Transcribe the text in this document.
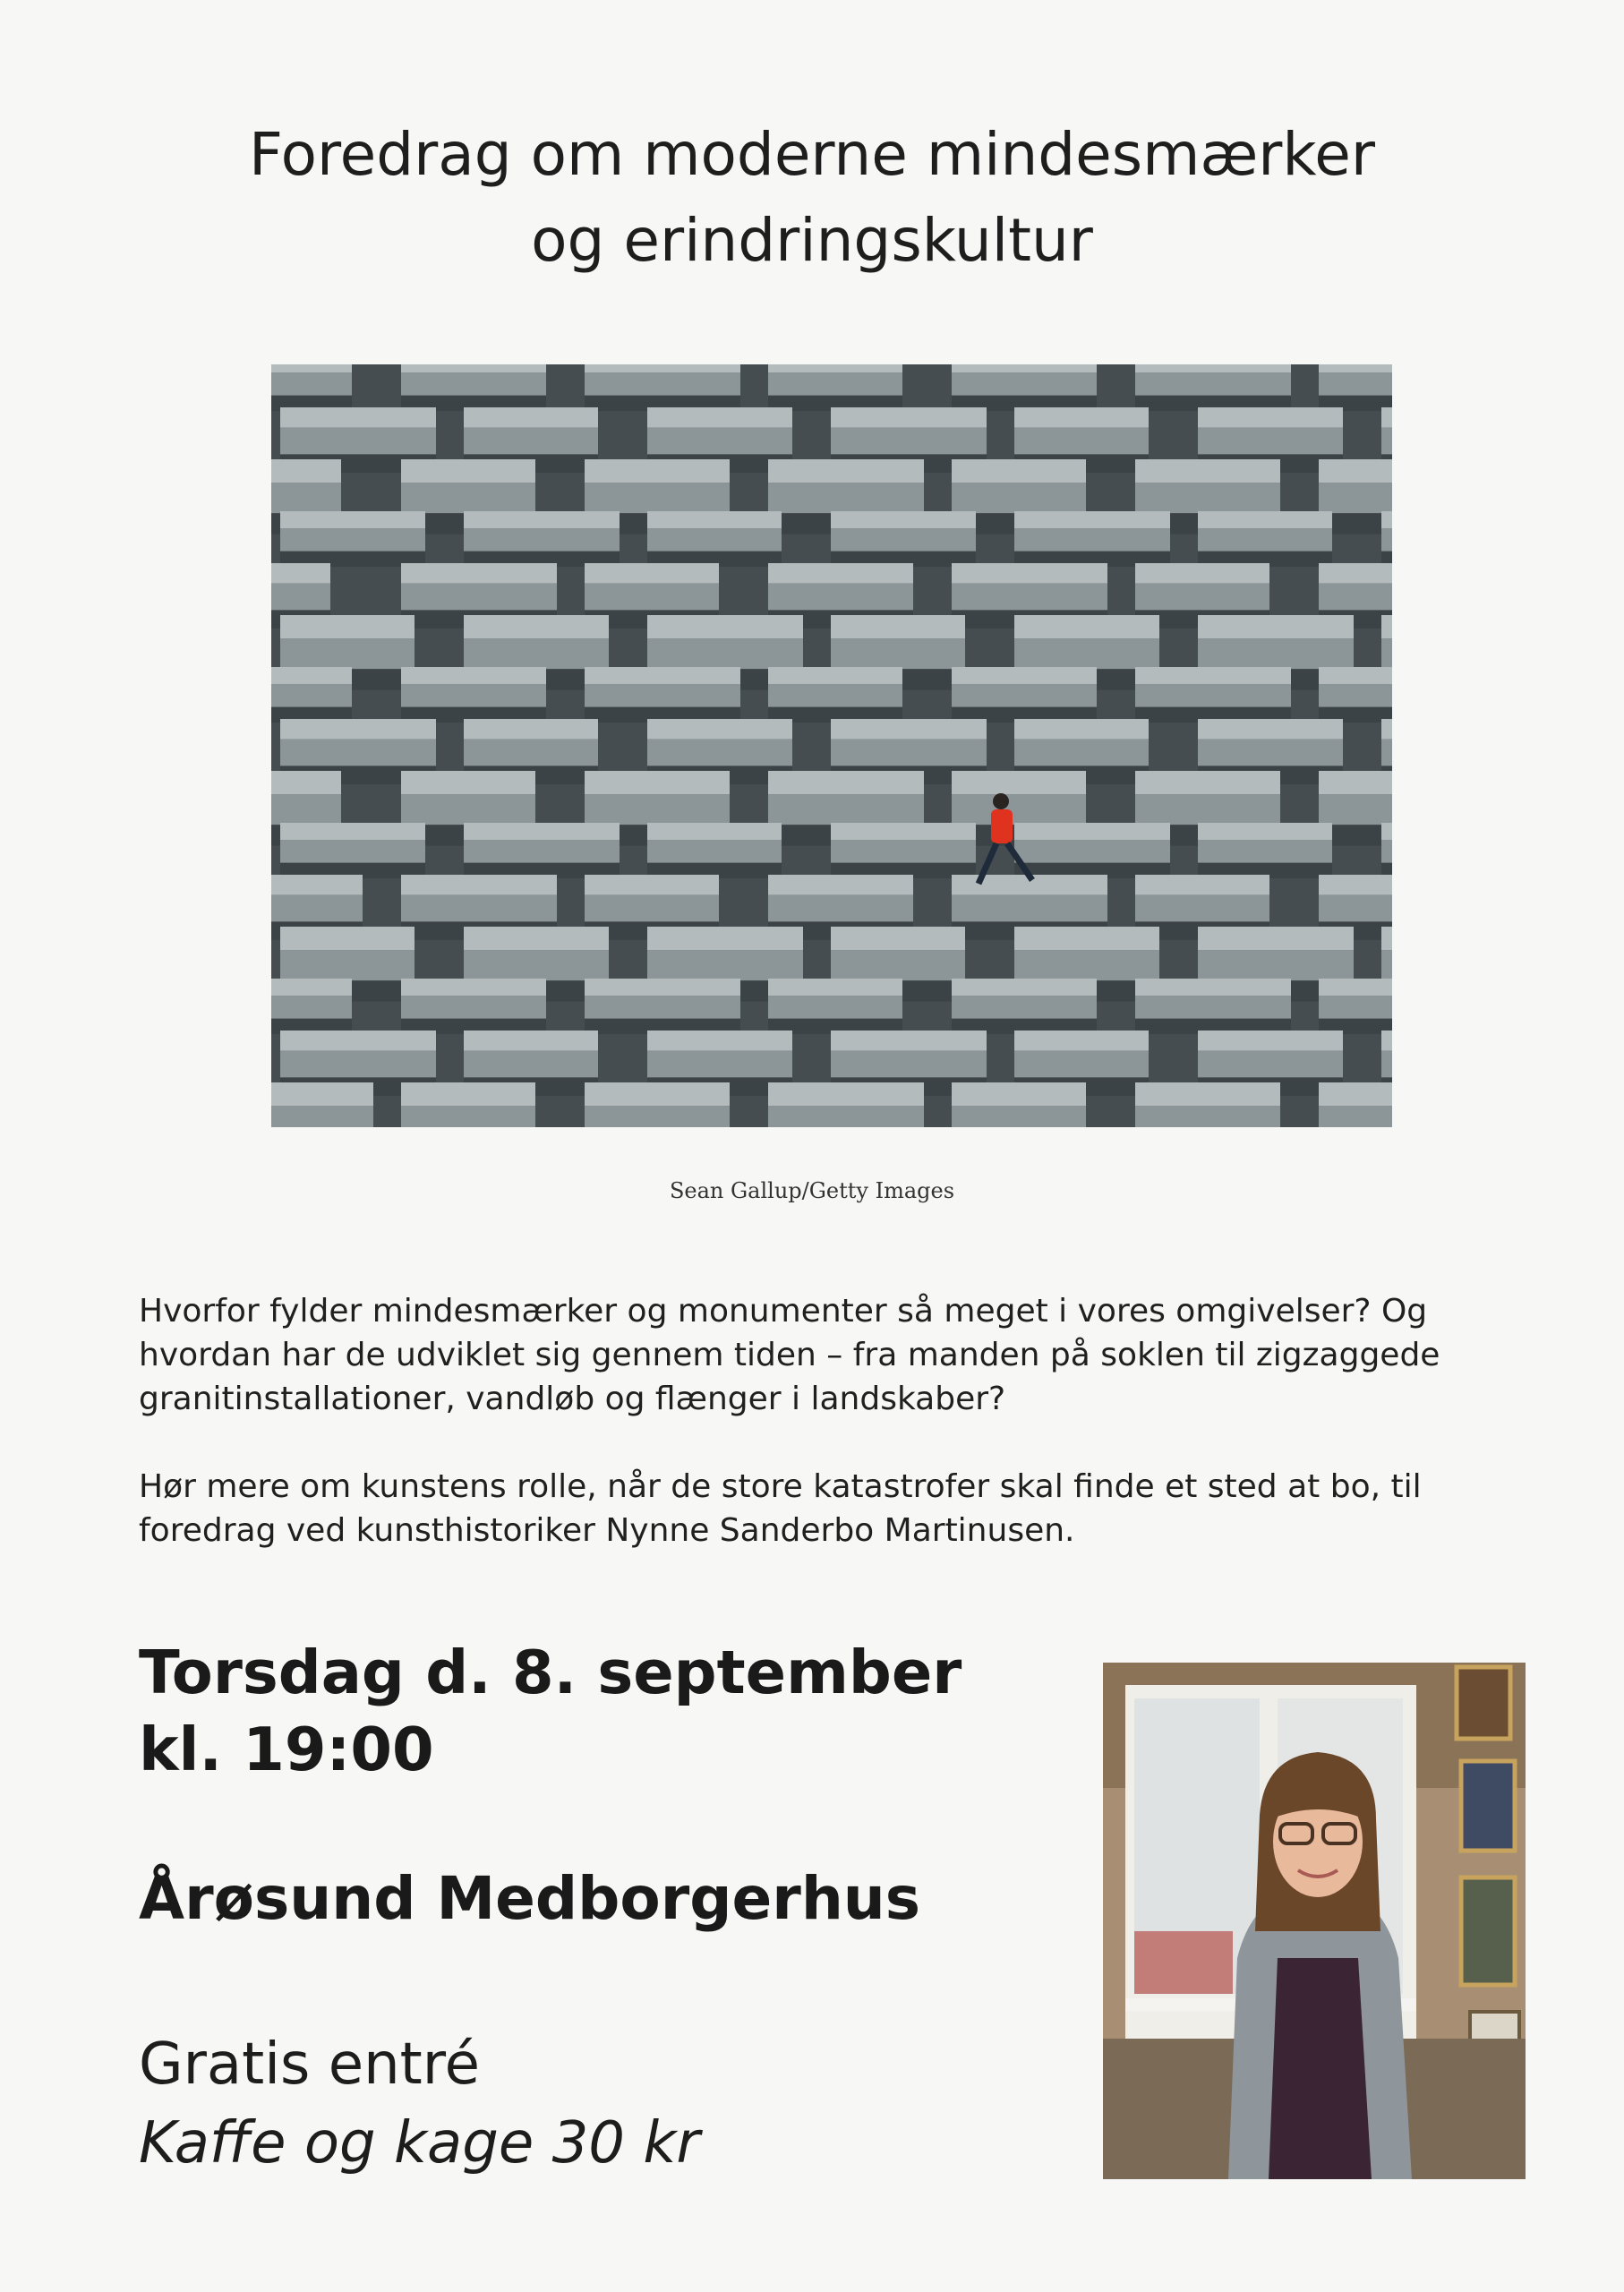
Foredrag om moderne mindesmærker
og erindringskultur
Sean Gallup/Getty Images

Hvorfor fylder mindesmærker og monumenter så meget i vores omgivelser? Og hvordan har de udviklet sig gennem tiden – fra manden på soklen til zigzaggede granitinstallationer, vandløb og flænger i landskaber?

Hør mere om kunstens rolle, når de store katastrofer skal finde et sted at bo, til foredrag ved kunsthistoriker Nynne Sanderbo Martinusen.

Torsdag d. 8. september
kl. 19:00
Årøsund Medborgerhus
Gratis entré
Kaffe og kage 30 kr
